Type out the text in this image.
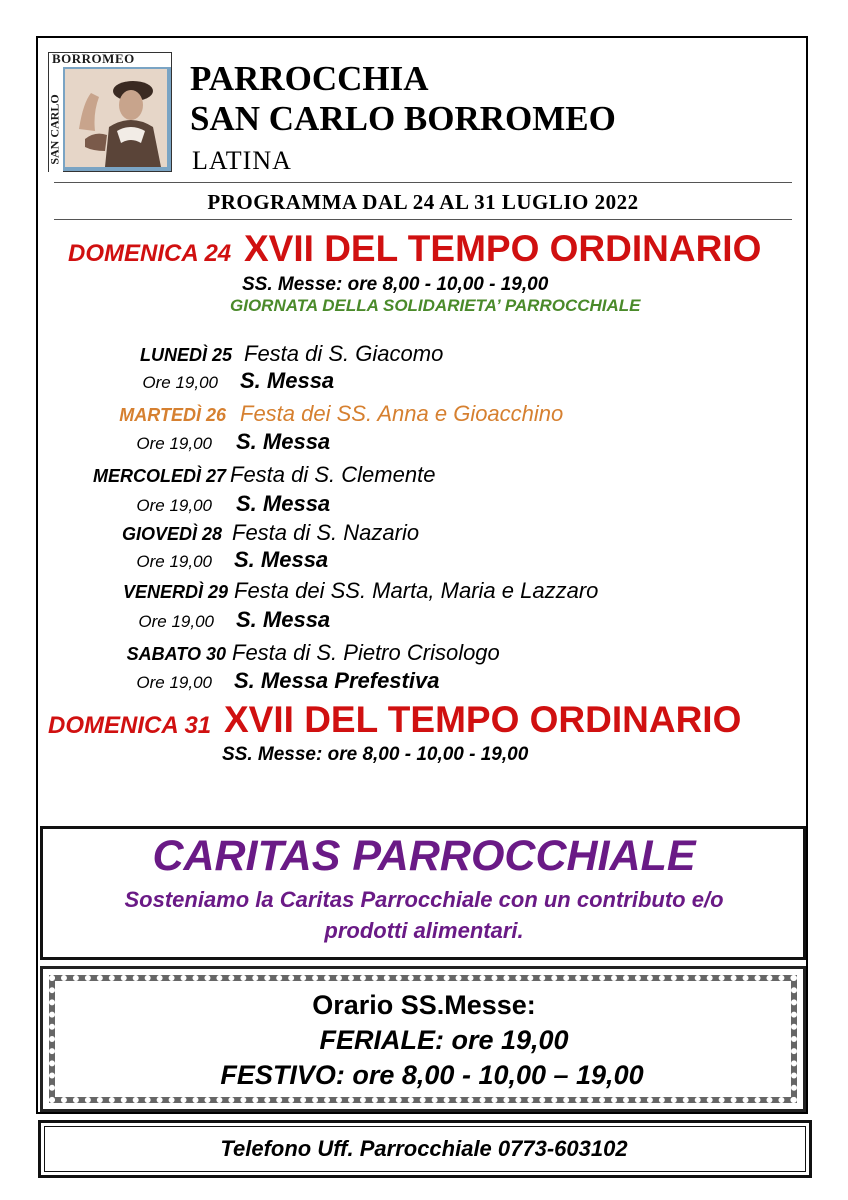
BORROMEO
SAN CARLO
PARROCCHIA
SAN CARLO BORROMEO
LATINA
PROGRAMMA DAL 24 AL 31 LUGLIO 2022
DOMENICA 24 XVII DEL TEMPO ORDINARIO
SS. Messe: ore 8,00 - 10,00 - 19,00
GIORNATA DELLA SOLIDARIETA’ PARROCCHIALE
LUNEDÌ 25 Festa di S. Giacomo
Ore 19,00 S. Messa
MARTEDÌ 26 Festa dei SS. Anna e Gioacchino
Ore 19,00 S. Messa
MERCOLEDÌ 27 Festa di S. Clemente
Ore 19,00 S. Messa
GIOVEDÌ 28 Festa di S. Nazario
Ore 19,00 S. Messa
VENERDÌ 29 Festa dei SS. Marta, Maria e Lazzaro
Ore 19,00 S. Messa
SABATO 30 Festa di S. Pietro Crisologo
Ore 19,00 S. Messa Prefestiva
DOMENICA 31 XVII DEL TEMPO ORDINARIO
SS. Messe: ore 8,00 - 10,00 - 19,00
CARITAS PARROCCHIALE
Sosteniamo la Caritas Parrocchiale con un contributo e/o
prodotti alimentari.
Orario SS.Messe:
FERIALE: ore 19,00
FESTIVO: ore 8,00 - 10,00 – 19,00
Telefono Uff. Parrocchiale 0773-603102
